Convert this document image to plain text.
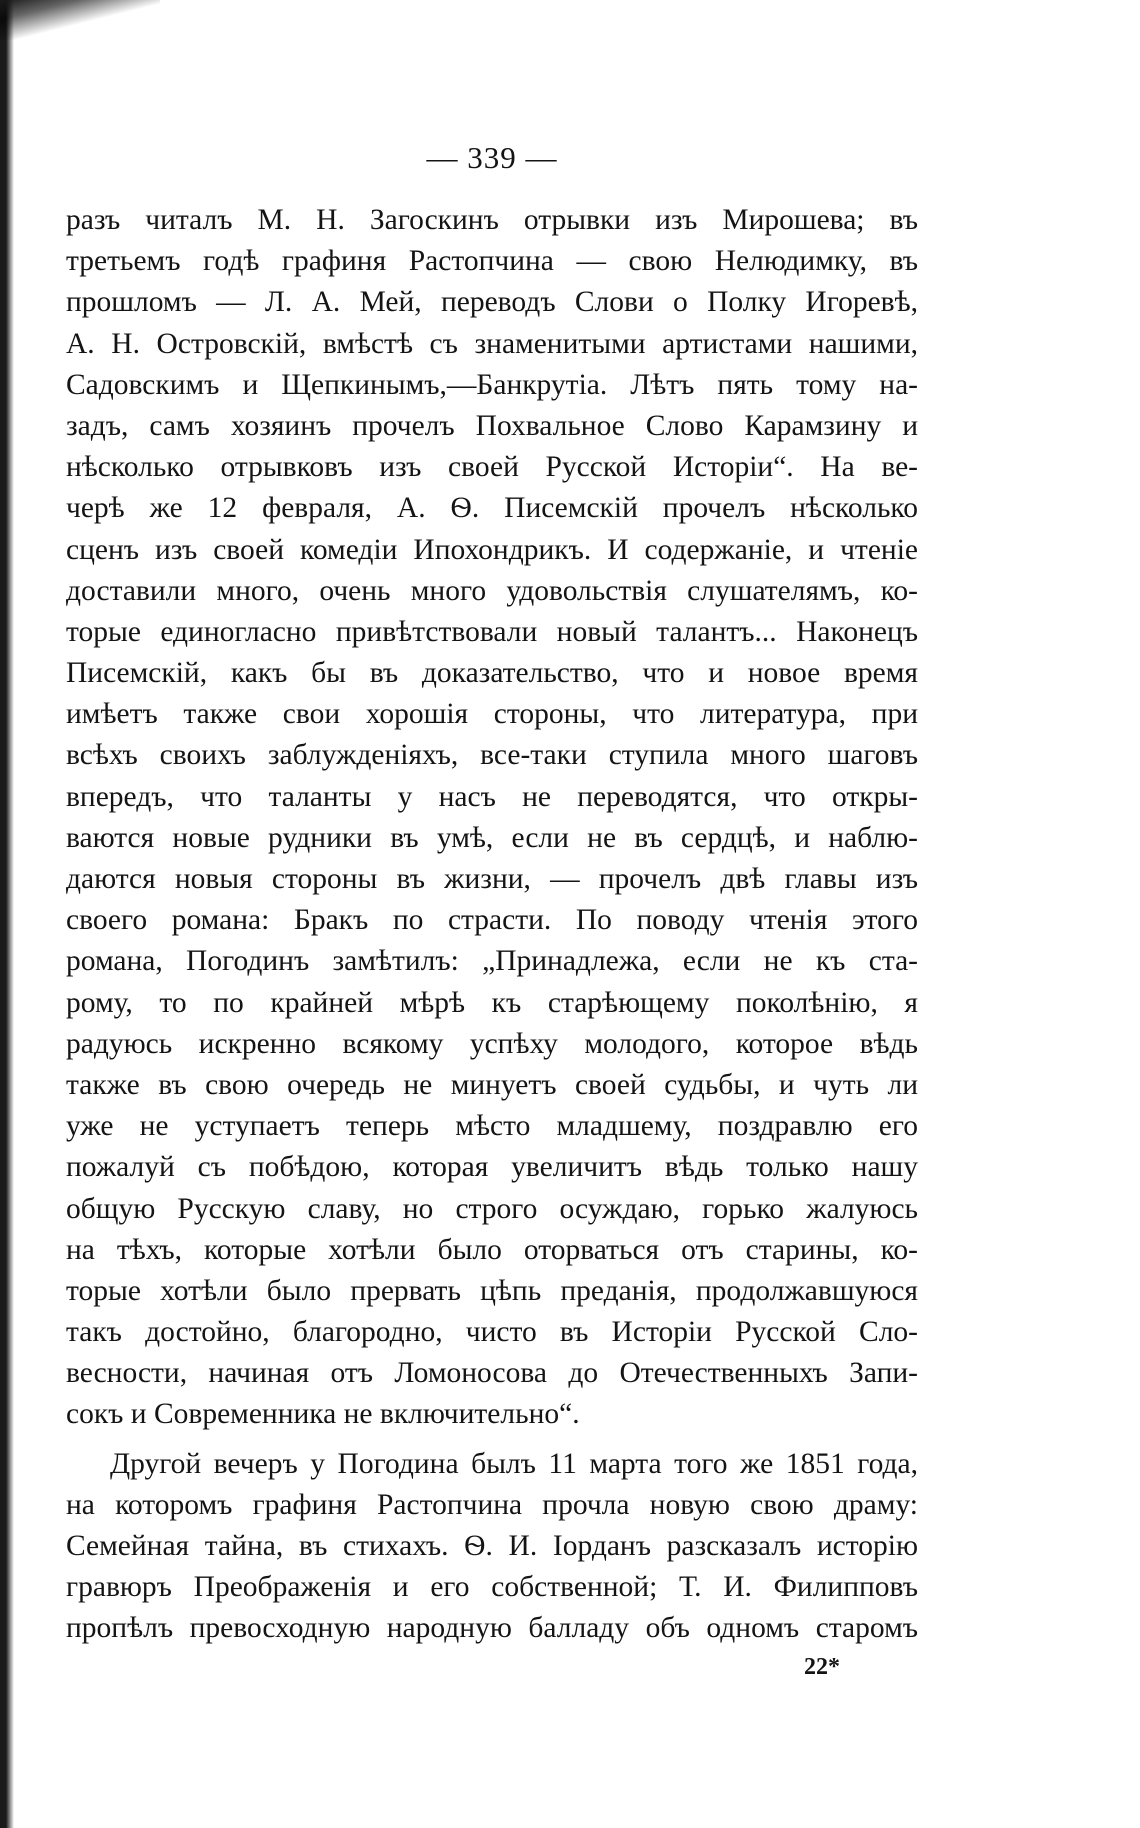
— 339 —
разъ читалъ М. Н. Загоскинъ отрывки изъ Мирошева; въ
третьемъ годѣ графиня Растопчина — свою Нелюдимку, въ
прошломъ — Л. А. Мей, переводъ Слови о Полку Игоревѣ,
А. Н. Островскій, вмѣстѣ съ знаменитыми артистами нашими,
Садовскимъ и Щепкинымъ,—Банкрутіа. Лѣтъ пять тому на-
задъ, самъ хозяинъ прочелъ Похвальное Слово Карамзину и
нѣсколько отрывковъ изъ своей Русской Исторіи“. На ве-
черѣ же 12 февраля, А. Ѳ. Писемскій прочелъ нѣсколько
сценъ изъ своей комедіи Ипохондрикъ. И содержаніе, и чтеніе
доставили много, очень много удовольствія слушателямъ, ко-
торые единогласно привѣтствовали новый талантъ... Наконецъ
Писемскій, какъ бы въ доказательство, что и новое время
имѣетъ также свои хорошія стороны, что литература, при
всѣхъ своихъ заблужденіяхъ, все-таки ступила много шаговъ
впередъ, что таланты у насъ не переводятся, что откры-
ваются новые рудники въ умѣ, если не въ сердцѣ, и наблю-
даются новыя стороны въ жизни, — прочелъ двѣ главы изъ
своего романа: Бракъ по страсти. По поводу чтенія этого
романа, Погодинъ замѣтилъ: „Принадлежа, если не къ ста-
рому, то по крайней мѣрѣ къ старѣющему поколѣнію, я
радуюсь искренно всякому успѣху молодого, которое вѣдь
также въ свою очередь не минуетъ своей судьбы, и чуть ли
уже не уступаетъ теперь мѣсто младшему, поздравлю его
пожалуй съ побѣдою, которая увеличитъ вѣдь только нашу
общую Русскую славу, но строго осуждаю, горько жалуюсь
на тѣхъ, которые хотѣли было оторваться отъ старины, ко-
торые хотѣли было прервать цѣпь преданія, продолжавшуюся
такъ достойно, благородно, чисто въ Исторіи Русской Сло-
весности, начиная отъ Ломоносова до Отечественныхъ Запи-
сокъ и Современника не включительно“.
Другой вечеръ у Погодина былъ 11 марта того же 1851 года,
на которомъ графиня Растопчина прочла новую свою драму:
Семейная тайна, въ стихахъ. Ѳ. И. Іорданъ разсказалъ исторію
гравюръ Преображенія и его собственной; Т. И. Филипповъ
пропѣлъ превосходную народную балладу объ одномъ старомъ
22*
